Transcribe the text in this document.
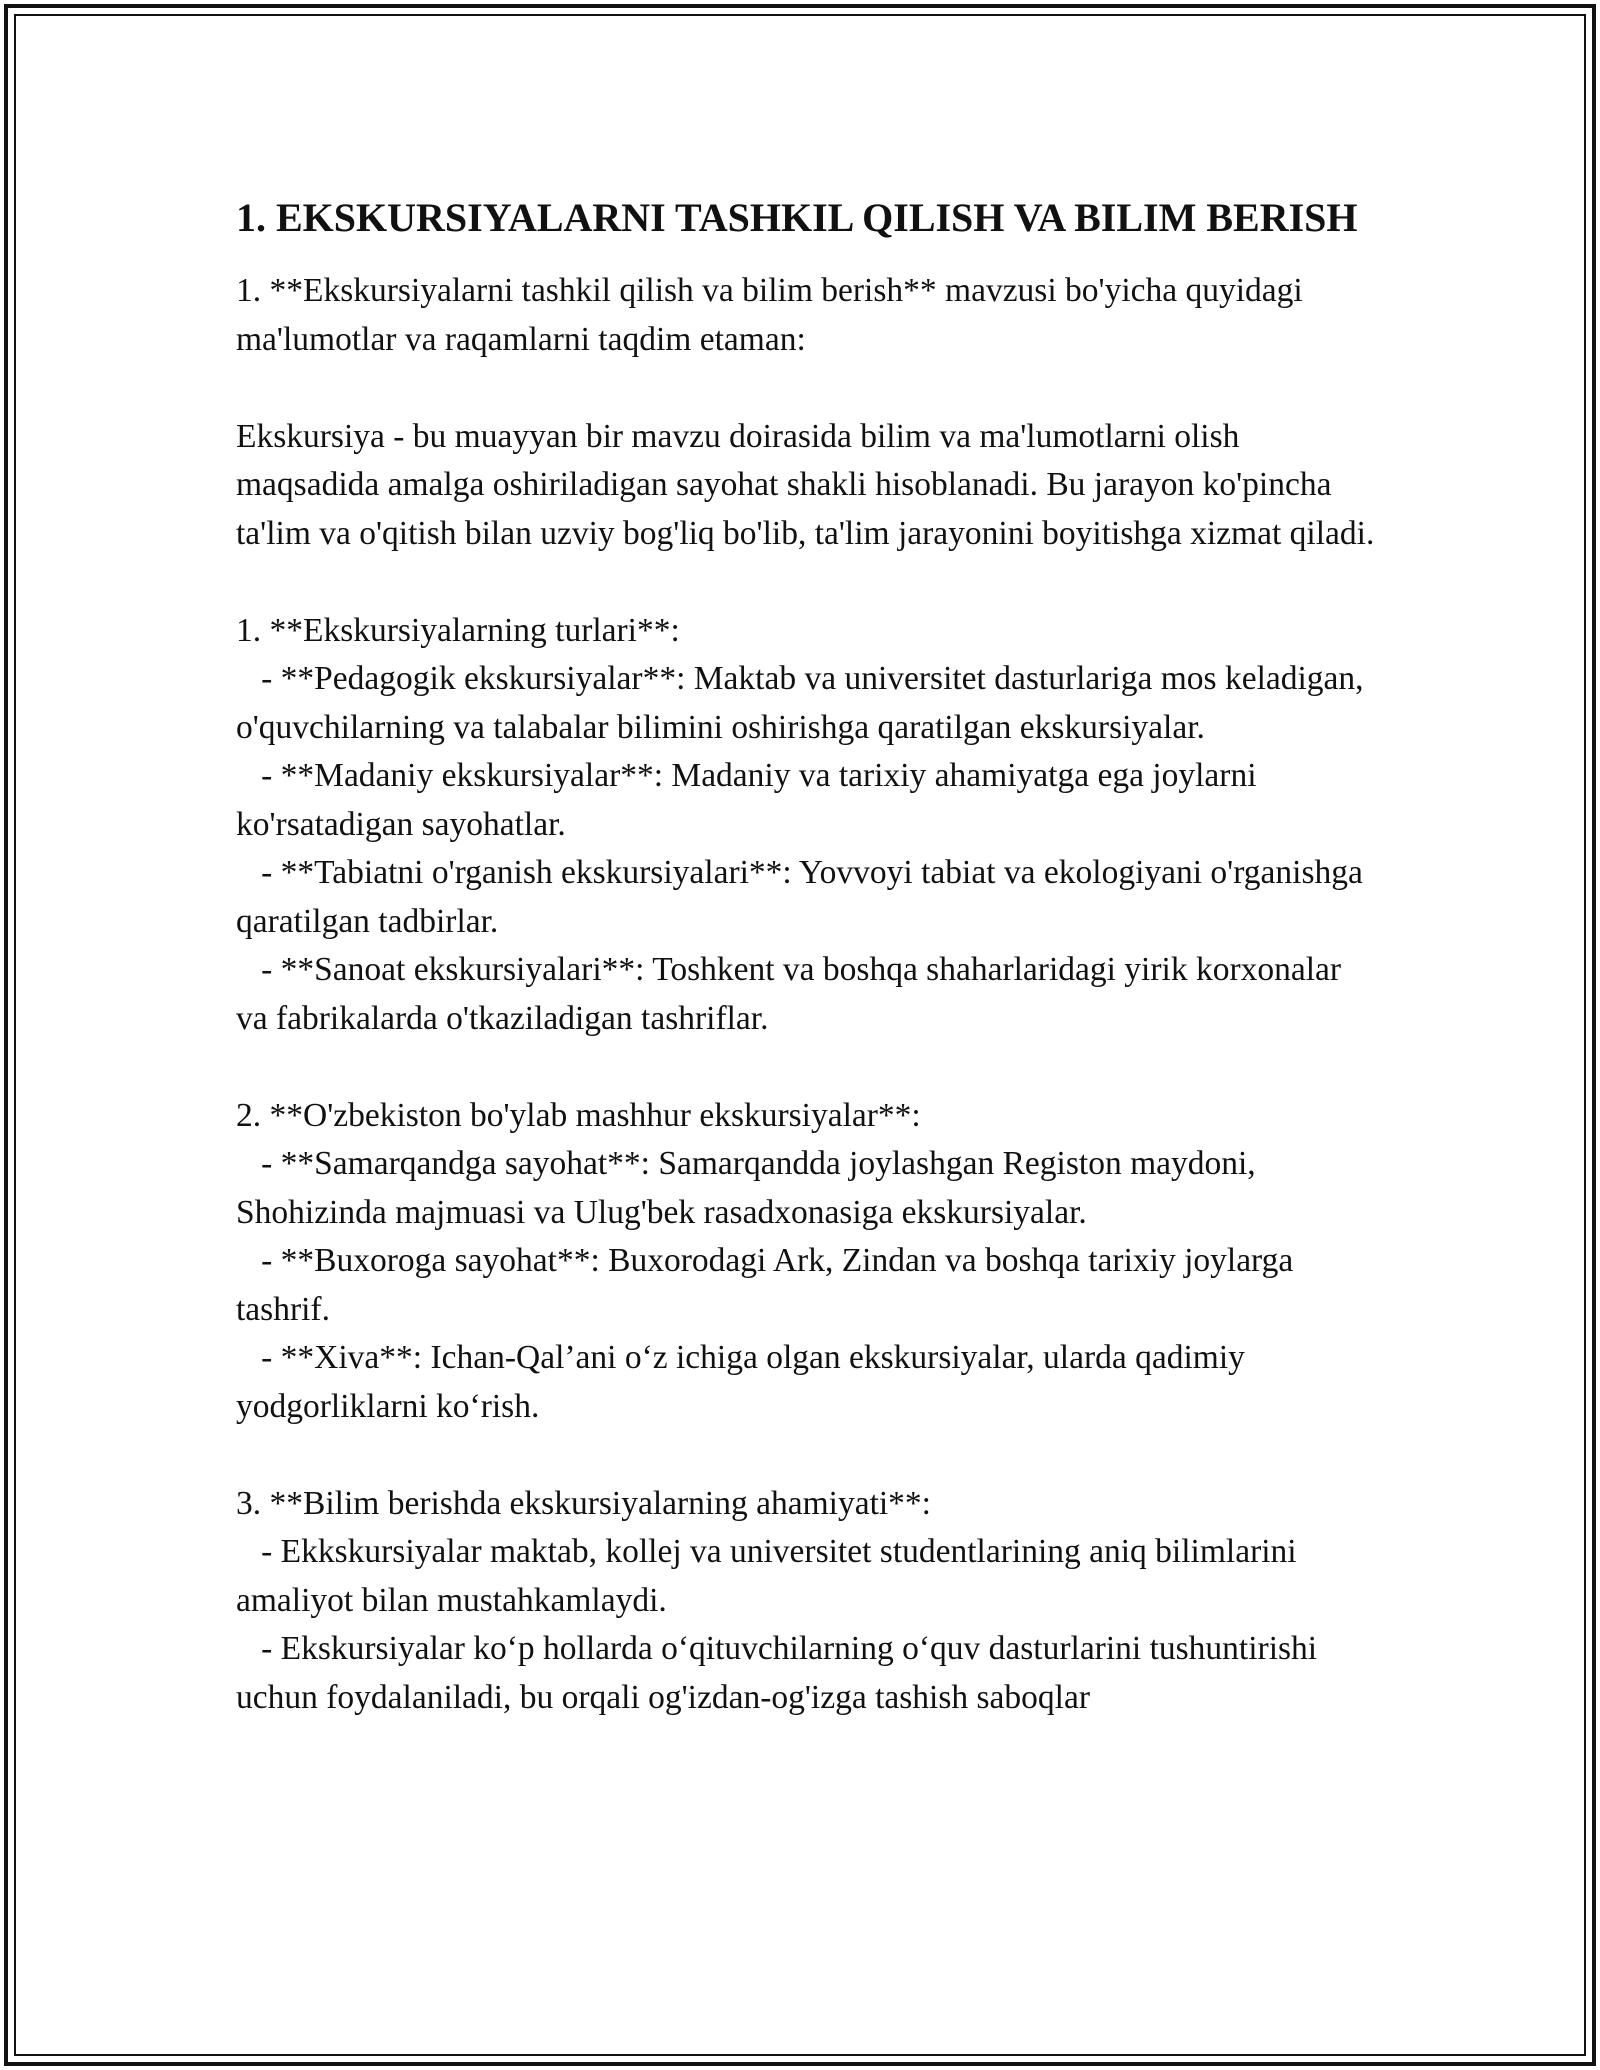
1. EKSKURSIYALARNI TASHKIL QILISH VA BILIM BERISH

1. **Ekskursiyalarni tashkil qilish va bilim berish** mavzusi bo'yicha quyidagi ma'lumotlar va raqamlarni taqdim etaman:

Ekskursiya - bu muayyan bir mavzu doirasida bilim va ma'lumotlarni olish maqsadida amalga oshiriladigan sayohat shakli hisoblanadi. Bu jarayon ko'pincha ta'lim va o'qitish bilan uzviy bog'liq bo'lib, ta'lim jarayonini boyitishga xizmat qiladi.

1. **Ekskursiyalarning turlari**:

- **Pedagogik ekskursiyalar**: Maktab va universitet dasturlariga mos keladigan, o'quvchilarning va talabalar bilimini oshirishga qaratilgan ekskursiyalar.

- **Madaniy ekskursiyalar**: Madaniy va tarixiy ahamiyatga ega joylarni ko'rsatadigan sayohatlar.

- **Tabiatni o'rganish ekskursiyalari**: Yovvoyi tabiat va ekologiyani o'rganishga qaratilgan tadbirlar.

- **Sanoat ekskursiyalari**: Toshkent va boshqa shaharlaridagi yirik korxonalar va fabrikalarda o'tkaziladigan tashriflar.

2. **O'zbekiston bo'ylab mashhur ekskursiyalar**:

- **Samarqandga sayohat**: Samarqandda joylashgan Registon maydoni, Shohizinda majmuasi va Ulug'bek rasadxonasiga ekskursiyalar.

- **Buxoroga sayohat**: Buxorodagi Ark, Zindan va boshqa tarixiy joylarga tashrif.

- **Xiva**: Ichan-Qal’ani o‘z ichiga olgan ekskursiyalar, ularda qadimiy yodgorliklarni ko‘rish.

3. **Bilim berishda ekskursiyalarning ahamiyati**:

- Ekkskursiyalar maktab, kollej va universitet studentlarining aniq bilimlarini amaliyot bilan mustahkamlaydi.

- Ekskursiyalar ko‘p hollarda o‘qituvchilarning o‘quv dasturlarini tushuntirishi uchun foydalaniladi, bu orqali og'izdan-og'izga tashish saboqlar
